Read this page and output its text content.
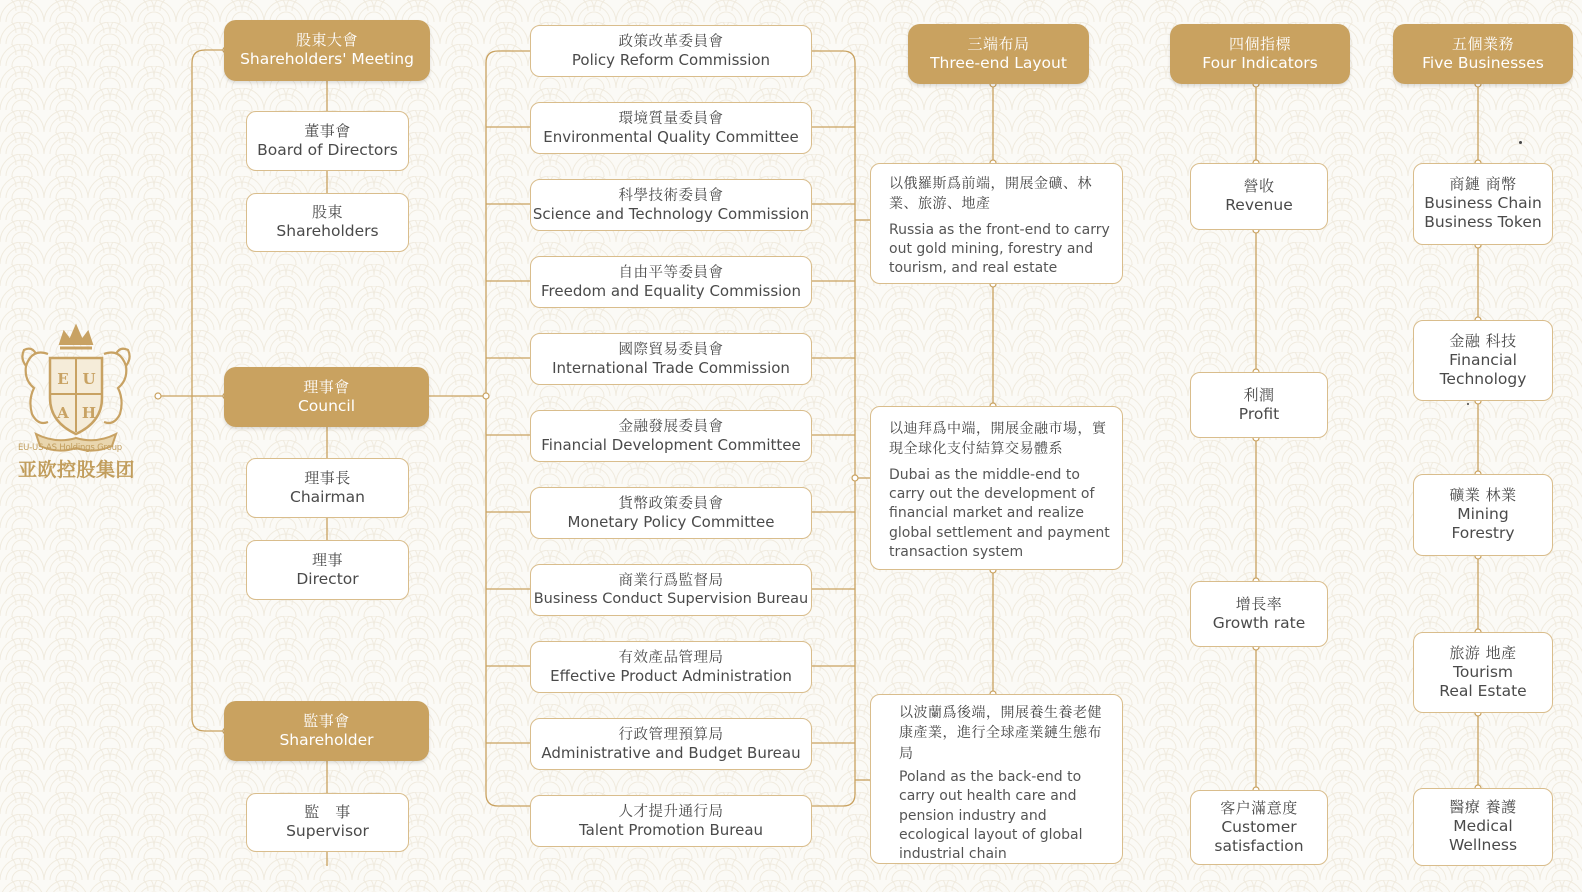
E U
A H
EU-US-AS Holdings Group
亚欧控股集团
股東大會
Shareholders' Meeting
董事會
Board of Directors
股東
Shareholders
理事會
Council
理事長
Chairman
理事
Director
監事會
Shareholder
監　事
Supervisor
政策改革委員會
Policy Reform Commission
環境質量委員會
Environmental Quality Committee
科學技術委員會
Science and Technology Commission
自由平等委員會
Freedom and Equality Commission
國際貿易委員會
International Trade Commission
金融發展委員會
Financial Development Committee
貨幣政策委員會
Monetary Policy Committee
商業行爲監督局
Business Conduct Supervision Bureau
有效產品管理局
Effective Product Administration
行政管理預算局
Administrative and Budget Bureau
人才提升通行局
Talent Promotion Bureau
三端布局
Three-end Layout
以俄羅斯爲前端，開展金礦、林業、旅游、地產
Russia as the front-end to carry out gold mining, forestry and tourism, and real estate
以迪拜爲中端，開展金融市場，實現全球化支付結算交易體系
Dubai as the middle-end to carry out the development of financial market and realize global settlement and payment transaction system
以波蘭爲後端，開展養生養老健康產業，進行全球產業鏈生態布局
Poland as the back-end to carry out health care and pension industry and ecological layout of global industrial chain
四個指標
Four Indicators
營收
Revenue
利潤
Profit
增長率
Growth rate
客户滿意度
Customer
satisfaction
五個業務
Five Businesses
商鏈 商幣
Business Chain
Business Token
金融 科技
Financial
Technology
礦業 林業
Mining
Forestry
旅游 地產
Tourism
Real Estate
醫療 養護
Medical
Wellness
